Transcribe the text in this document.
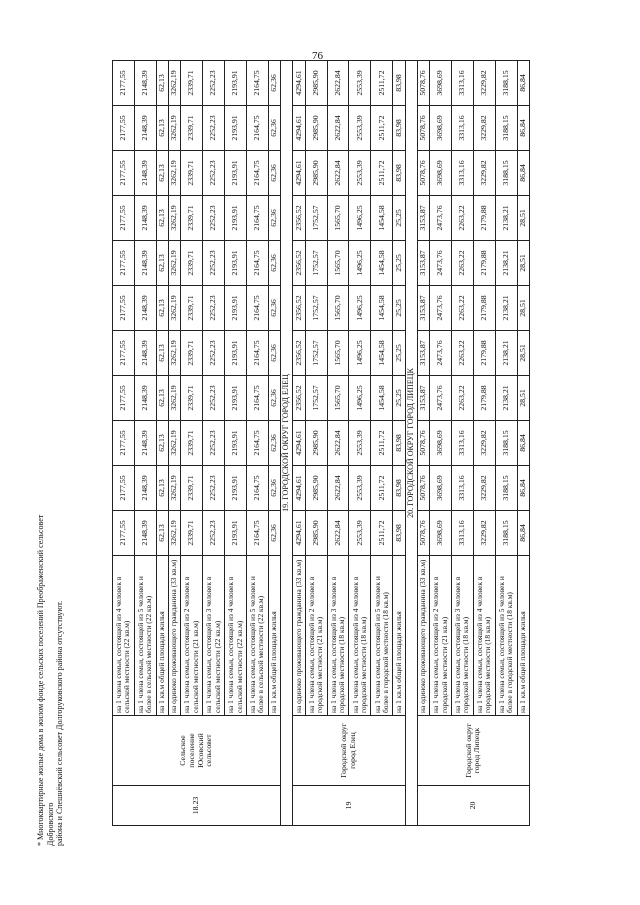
76
18.23	Сельское поселение Юсовский сельсовет	на 1 члена семьи, состоящей из 4 человек в сельской местности (22 кв.м)	2177,55	2177,55	2177,55	2177,55	2177,55	2177,55	2177,55	2177,55	2177,55	2177,55	2177,55
		на 1 члена семьи, состоящей из 5 человек и более в сельской местности (22 кв.м)	2148,39	2148,39	2148,39	2148,39	2148,39	2148,39	2148,39	2148,39	2148,39	2148,39	2148,39
		на 1 кв.м общей площади жилья	62,13	62,13	62,13	62,13	62,13	62,13	62,13	62,13	62,13	62,13	62,13
		на одиноко проживающего гражданина (33 кв.м)	3262,19	3262,19	3262,19	3262,19	3262,19	3262,19	3262,19	3262,19	3262,19	3262,19	3262,19
		на 1 члена семьи, состоящей из 2 человек в сельской местности (21 кв.м)	2339,71	2339,71	2339,71	2339,71	2339,71	2339,71	2339,71	2339,71	2339,71	2339,71	2339,71
		на 1 члена семьи, состоящей из 3 человек в сельской местности (22 кв.м)	2252,23	2252,23	2252,23	2252,23	2252,23	2252,23	2252,23	2252,23	2252,23	2252,23	2252,23
		на 1 члена семьи, состоящей из 4 человек в сельской местности (22 кв.м)	2193,91	2193,91	2193,91	2193,91	2193,91	2193,91	2193,91	2193,91	2193,91	2193,91	2193,91
		на 1 члена семьи, состоящей из 5 человек и более в сельской местности (22 кв.м)	2164,75	2164,75	2164,75	2164,75	2164,75	2164,75	2164,75	2164,75	2164,75	2164,75	2164,75
		на 1 кв.м общей площади жилья	62,36	62,36	62,36	62,36	62,36	62,36	62,36	62,36	62,36	62,36	62,36
19. ГОРОДСКОЙ ОКРУГ ГОРОД ЕЛЕЦ													
19	Городской округ город Елец	на одиноко проживающего гражданина (33 кв.м)	4294,61	4294,61	4294,61	2356,52	2356,52	2356,52	2356,52	2356,52	4294,61	4294,61	4294,61
		на 1 члена семьи, состоящей из 2 человек в городской местности (21 кв.м)	2985,90	2985,90	2985,90	1752,57	1752,57	1752,57	1752,57	1752,57	2985,90	2985,90	2985,90
		на 1 члена семьи, состоящей из 3 человек в городской местности (18 кв.м)	2622,84	2622,84	2622,84	1565,70	1565,70	1565,70	1565,70	1565,70	2622,84	2622,84	2622,84
		на 1 члена семьи, состоящей из 4 человек в городской местности (18 кв.м)	2553,39	2553,39	2553,39	1496,25	1496,25	1496,25	1496,25	1496,25	2553,39	2553,39	2553,39
		на 1 члена семьи, состоящей из 5 человек и более в городской местности (18 кв.м)	2511,72	2511,72	2511,72	1454,58	1454,58	1454,58	1454,58	1454,58	2511,72	2511,72	2511,72
		на 1 кв.м общей площади жилья	83,98	83,98	83,98	25,25	25,25	25,25	25,25	25,25	83,98	83,98	83,98
20. ГОРОДСКОЙ ОКРУГ ГОРОД ЛИПЕЦК													
20	Городской округ город Липецк	на одиноко проживающего гражданина (33 кв.м)	5078,76	5078,76	5078,76	3153,87	3153,87	3153,87	3153,87	3153,87	5078,76	5078,76	5078,76
		на 1 члена семьи, состоящей из 2 человек в городской местности (21 кв.м)	3698,69	3698,69	3698,69	2473,76	2473,76	2473,76	2473,76	2473,76	3698,69	3698,69	3698,69
		на 1 члена семьи, состоящей из 3 человек в городской местности (18 кв.м)	3313,16	3313,16	3313,16	2263,22	2263,22	2263,22	2263,22	2263,22	3313,16	3313,16	3313,16
		на 1 члена семьи, состоящей из 4 человек в городской местности (18 кв.м)	3229,82	3229,82	3229,82	2179,88	2179,88	2179,88	2179,88	2179,88	3229,82	3229,82	3229,82
		на 1 члена семьи, состоящей из 5 человек и более в городской местности (18 кв.м)	3188,15	3188,15	3188,15	2138,21	2138,21	2138,21	2138,21	2138,21	3188,15	3188,15	3188,15
		на 1 кв.м общей площади жилья	86,84	86,84	86,84	28,51	28,51	28,51	28,51	28,51	86,84	86,84	86,84
* Многоквартирные жилые дома в жилом фонде сельских поселений Преображенский сельсовет Добровского района и Спешнёвский сельсовет Долгоруковского района отсутствуют.
